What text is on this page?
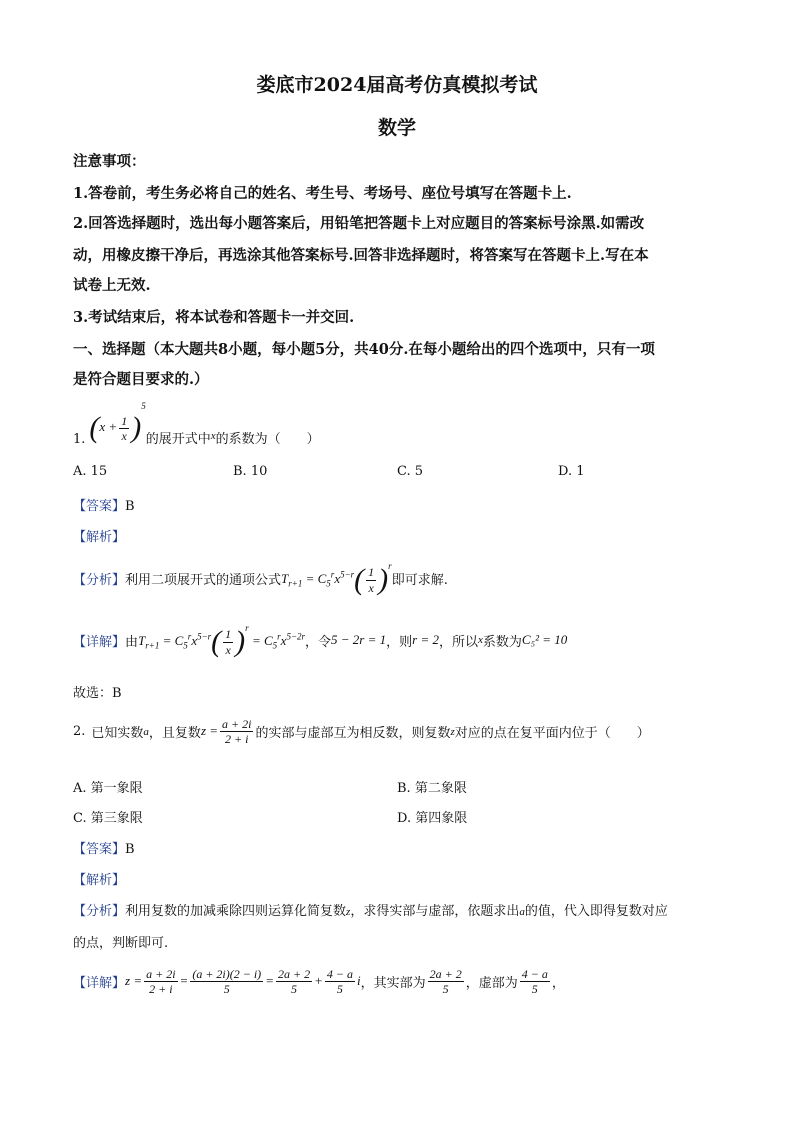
娄底市2024届高考仿真模拟考试
数学
注意事项：
1.答卷前，考生务必将自己的姓名、考生号、考场号、座位号填写在答题卡上.
2.回答选择题时，选出每小题答案后，用铅笔把答题卡上对应题目的答案标号涂黑.如需改
动，用橡皮擦干净后，再选涂其他答案标号.回答非选择题时，将答案写在答题卡上.写在本
试卷上无效.
3.考试结束后，将本试卷和答题卡一并交回.
一、选择题（本大题共8小题，每小题5分，共40分.在每小题给出的四个选项中，只有一项
是符合题目要求的.）
1. $(x + \frac{1}{x} )^5$
的展开式中 x 的系数为（　　）
A. 15	B. 10	C. 5	D. 1
【答案】B
【解析】
【分析】 利用二项展开式的通项公式 $T_{r+1} = C_5^rx^{5-r}( \frac{1}{x} )^r$
即可求解.
【详解】 由 $T_{r+1} = C_5^rx^{5-r}( \frac{1}{x} )^r = C_5^rx^{5-2r}$ ，令 5 − 2r = 1 ，则 r = 2 ，所以 x 系数为 C₅² = 10
故选：B
2. 已知实数 a ，且复数 $z = \frac{a + 2i}{2 + i}$ 的实部与虚部互为相反数，则复数 z 对应的点在复平面内位于（　　）
A. 第一象限	B. 第二象限
C. 第三象限	D. 第四象限
【答案】B
【解析】
【分析】利用复数的加减乘除四则运算化简复数z，求得实部与虚部，依题求出a的值，代入即得复数对应
的点，判断即可.
【详解】 $z = \frac{a + 2i}{2 + i} = \frac{(a + 2i)(2 - i)}{5} = \frac{2a + 2}{5} + \frac{4 - a}{5}$ i ，其实部为 $\frac{2a + 2}{5}$ ，虚部为 $\frac{4 - a}{5}$ ，
